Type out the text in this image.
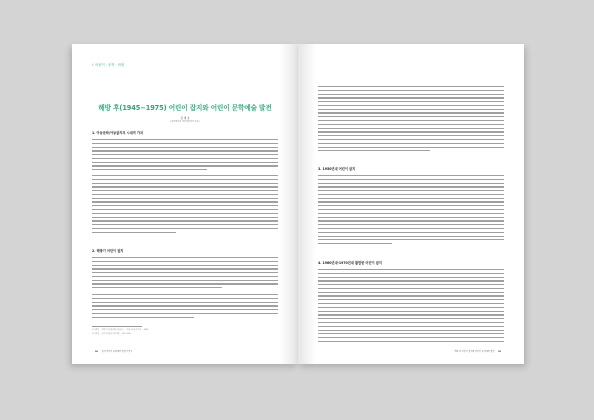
Ⅰ. 어린이 · 문학 · 비평
해방 후(1945~1975) 어린이 잡지와 어린이 문학예술 발전
김 대 호
(동국대학교 국어국문학과 교수)
1. 아동문학/아동잡지의 시대적 가치
2. 해방기 어린이 잡지
1) 김종헌, 「해방기 아동잡지와 아동문학」, 『한국 아동문학 연구』, 2009
2) 원종찬, 「한국 아동문학사의 쟁점」, 창비, 2010
98 한국 어린이 문화예술 발전사 연구
3. 1950년대 어린이 잡지
4. 1960년대-1970년대 활발한 어린이 잡지
해방 후 어린이 잡지와 어린이 문학예술 발전 99
